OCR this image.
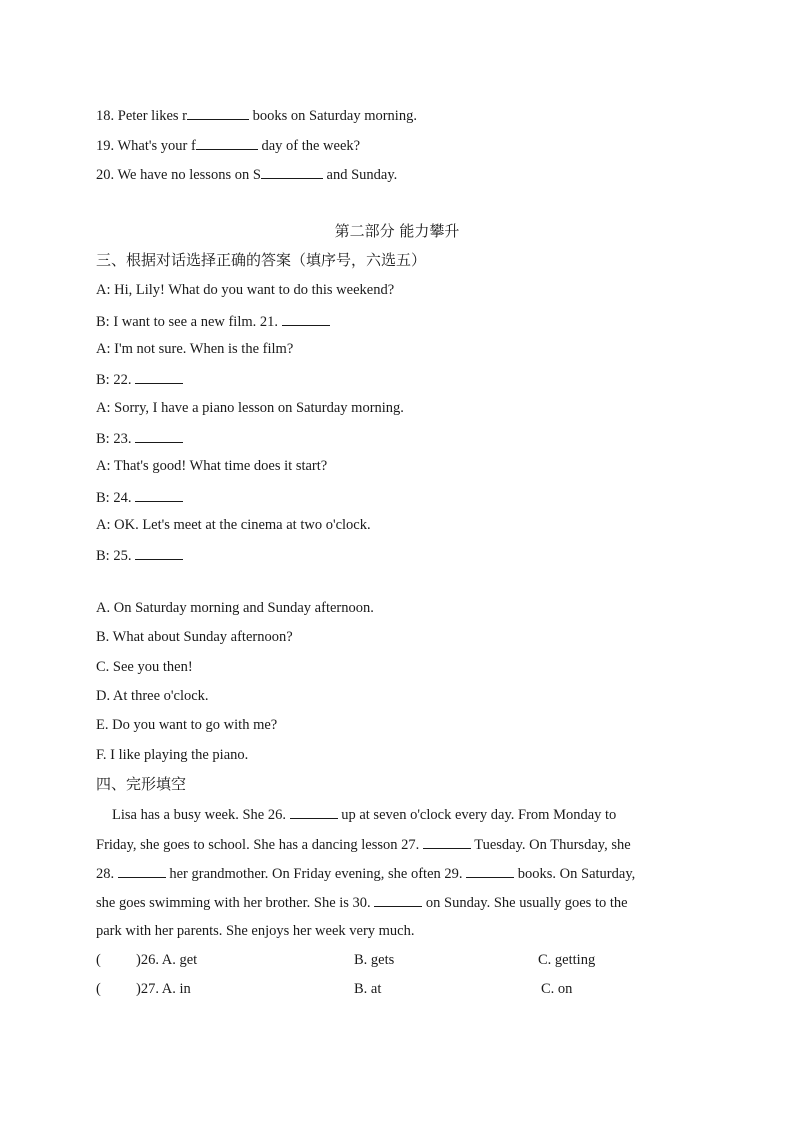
18. Peter likes r	books on Saturday morning.
19. What's your f	day of the week?
20. We have no lessons on S	and Sunday.
第二部分 能力攀升
三、根据对话选择正确的答案（填序号，六选五）
A: Hi, Lily! What do you want to do this weekend?
B: I want to see a new film. 21.
A: I'm not sure. When is the film?
B: 22.
A: Sorry, I have a piano lesson on Saturday morning.
B: 23.
A: That's good! What time does it start?
B: 24.
A: OK. Let's meet at the cinema at two o'clock.
B: 25.
A. On Saturday morning and Sunday afternoon.
B. What about Sunday afternoon?
C. See you then!
D. At three o'clock.
E. Do you want to go with me?
F. I like playing the piano.
四、完形填空
Lisa has a busy week. She 26.	up at seven o'clock every day. From Monday to
Friday, she goes to school. She has a dancing lesson 27.	Tuesday. On Thursday, she
28.	her grandmother. On Friday evening, she often 29.	books. On Saturday,
she goes swimming with her brother. She is 30.	on Sunday. She usually goes to the
park with her parents. She enjoys her week very much.
( )26. A. get	B. gets	C. getting
( )27. A. in	B. at	C. on
